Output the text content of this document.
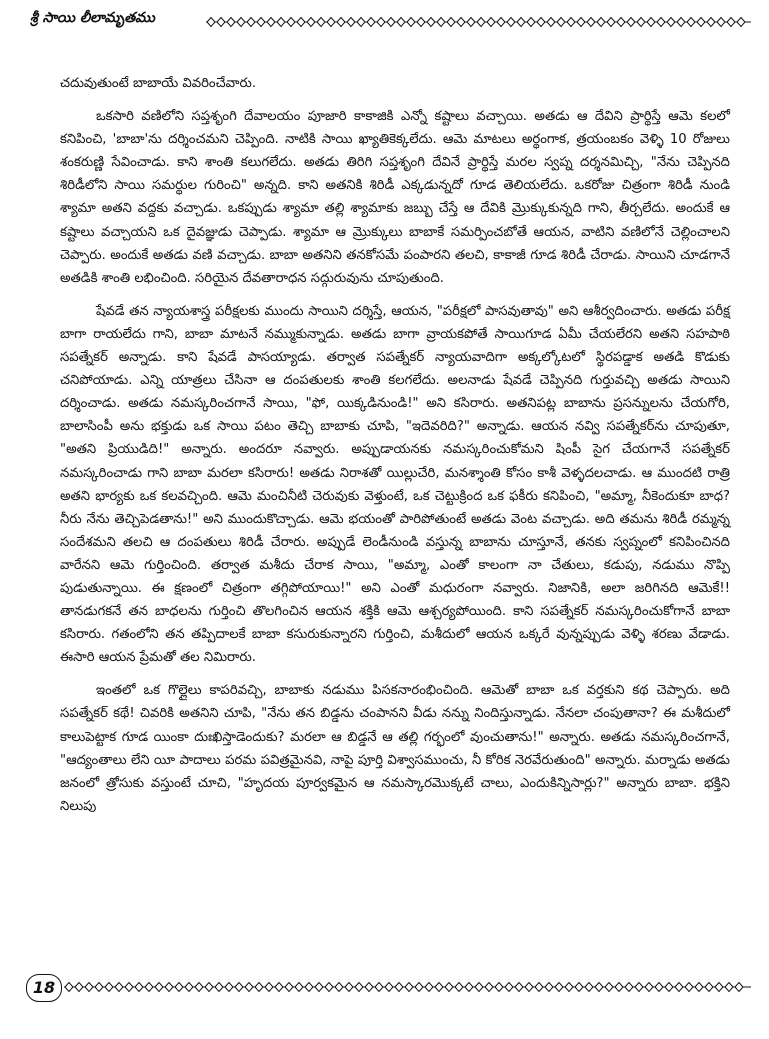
శ్రీ సాయి లీలామృతము

చదువుతుంటే బాబాయే వివరించేవారు.

ఒకసారి వణిలోని సప్తశృంగి దేవాలయం పూజారి కాకాజికి ఎన్నో కష్టాలు వచ్చాయి. అతడు ఆ దేవిని ప్రార్థిస్తే ఆమె కలలో కనిపించి, 'బాబా'ను దర్శించమని చెప్పింది. నాటికి సాయి ఖ్యాతికెక్కలేదు. ఆమె మాటలు అర్థంగాక, త్రయంబకం వెళ్ళి 10 రోజులు శంకరుణ్ణి సేవించాడు. కాని శాంతి కలుగలేదు. అతడు తిరిగి సప్తశృంగి దేవినే ప్రార్థిస్తే మరల స్వప్న దర్శనమిచ్చి, "నేను చెప్పినది శిరిడీలోని సాయి సమర్థుల గురించి" అన్నది. కాని అతనికి శిరిడీ ఎక్కడున్నదో గూడ తెలియలేదు. ఒకరోజు చిత్రంగా శిరిడీ నుండి శ్యామా అతని వద్దకు వచ్చాడు. ఒకప్పుడు శ్యామా తల్లి శ్యామాకు జబ్బు చేస్తే ఆ దేవికి మ్రొక్కుకున్నది గాని, తీర్చలేదు. అందుకే ఆ కష్టాలు వచ్చాయని ఒక దైవజ్ఞుడు చెప్పాడు. శ్యామా ఆ మ్రొక్కులు బాబాకే సమర్పించబోతే ఆయన, వాటిని వణిలోనే చెల్లించాలని చెప్పారు. అందుకే అతడు వణి వచ్చాడు. బాబా అతనిని తనకోసమే పంపారని తలచి, కాకాజీ గూడ శిరిడీ చేరాడు. సాయిని చూడగానే అతడికి శాంతి లభించింది. సరియైన దేవతారాధన సద్గురువును చూపుతుంది.

షేవడే తన న్యాయశాస్త్ర పరీక్షలకు ముందు సాయిని దర్శిస్తే, ఆయన, "పరీక్షలో పాసవుతావు" అని ఆశీర్వదించారు. అతడు పరీక్ష బాగా రాయలేదు గాని, బాబా మాటనే నమ్ముకున్నాడు. అతడు బాగా వ్రాయకపోతే సాయిగూడ ఏమీ చేయలేరని అతని సహపాఠి సపత్నేకర్ అన్నాడు. కాని షేవడే పాసయ్యాడు. తర్వాత సపత్నేకర్ న్యాయవాదిగా అక్కల్కోటలో స్థిరపడ్డాక అతడి కొడుకు చనిపోయాడు. ఎన్ని యాత్రలు చేసినా ఆ దంపతులకు శాంతి కలగలేదు. అలనాడు షేవడే చెప్పినది గుర్తువచ్చి అతడు సాయిని దర్శించాడు. అతడు నమస్కరించగానే సాయి, "ఫో, యిక్కడినుండి!" అని కసిరారు. అతనిపట్ల బాబాను ప్రసన్నులను చేయగోరి, బాలాసింపీ అను భక్తుడు ఒక సాయి పటం తెచ్చి బాబాకు చూపి, "ఇదెవరిది?" అన్నాడు. ఆయన నవ్వి సపత్నేకర్‌ను చూపుతూ, "అతని ప్రియుడిది!" అన్నారు. అందరూ నవ్వారు. అప్పుడాయనకు నమస్కరించుకోమని షింపీ సైగ చేయగానే సపత్నేకర్ నమస్కరించాడు గాని బాబా మరలా కసిరారు! అతడు నిరాశతో యిల్లుచేరి, మనశ్శాంతి కోసం కాశీ వెళ్ళదలచాడు. ఆ ముందటి రాత్రి అతని భార్యకు ఒక కలవచ్చింది. ఆమె మంచినీటి చెరువుకు వెళ్తుంటే, ఒక చెట్టుక్రింద ఒక ఫకీరు కనిపించి, "అమ్మా, నీకెందుకూ బాధ? నీరు నేను తెచ్చిపెడతాను!" అని ముందుకొచ్చాడు. ఆమె భయంతో పారిపోతుంటే అతడు వెంట వచ్చాడు. అది తమను శిరిడీ రమ్మన్న సందేశమని తలచి ఆ దంపతులు శిరిడీ చేరారు. అప్పుడే లెండీనుండి వస్తున్న బాబాను చూస్తూనే, తనకు స్వప్నంలో కనిపించినది వారేనని ఆమె గుర్తించింది. తర్వాత మశీదు చేరాక సాయి, "అమ్మా, ఎంతో కాలంగా నా చేతులు, కడుపు, నడుము నొప్పి పుడుతున్నాయి. ఈ క్షణంలో చిత్రంగా తగ్గిపోయాయి!" అని ఎంతో మధురంగా నవ్వారు. నిజానికి, అలా జరిగినది ఆమెకే!! తానడుగకనే తన బాధలను గుర్తించి తొలగించిన ఆయన శక్తికి ఆమె ఆశ్చర్యపోయింది. కాని సపత్నేకర్ నమస్కరించుకోగానే బాబా కసిరారు. గతంలోని తన తప్పిదాలకే బాబా కసురుకున్నారని గుర్తించి, మశీదులో ఆయన ఒక్కరే వున్నప్పుడు వెళ్ళి శరణు వేడాడు. ఈసారి ఆయన ప్రేమతో తల నిమిరారు.

ఇంతలో ఒక గొల్లైలు కాపరివచ్చి, బాబాకు నడుము పిసకనారంభించింది. ఆమెతో బాబా ఒక వర్తకుని కథ చెప్పారు. అది సపత్నేకర్ కథే! చివరికి అతనిని చూపి, "నేను తన బిడ్డను చంపానని వీడు నన్ను నిందిస్తున్నాడు. నేనలా చంపుతానా? ఈ మశీదులో కాలుపెట్టాక గూడ యింకా దుఃఖిస్తాడెందుకు? మరలా ఆ బిడ్డనే ఆ తల్లి గర్భంలో వుంచుతాను!" అన్నారు. అతడు నమస్కరించగానే, "ఆద్యంతాలు లేని యీ పాదాలు పరమ పవిత్రమైనవి, నాపై పూర్తి విశ్వాసముంచు, నీ కోరిక నెరవేరుతుంది" అన్నారు. మర్నాడు అతడు జనంలో త్రోసుకు వస్తుంటే చూచి, "హృదయ పూర్వకమైన ఆ నమస్కారమొక్కటే చాలు, ఎందుకిన్నిసార్లు?" అన్నారు బాబా. భక్తిని నిలుపు

18
